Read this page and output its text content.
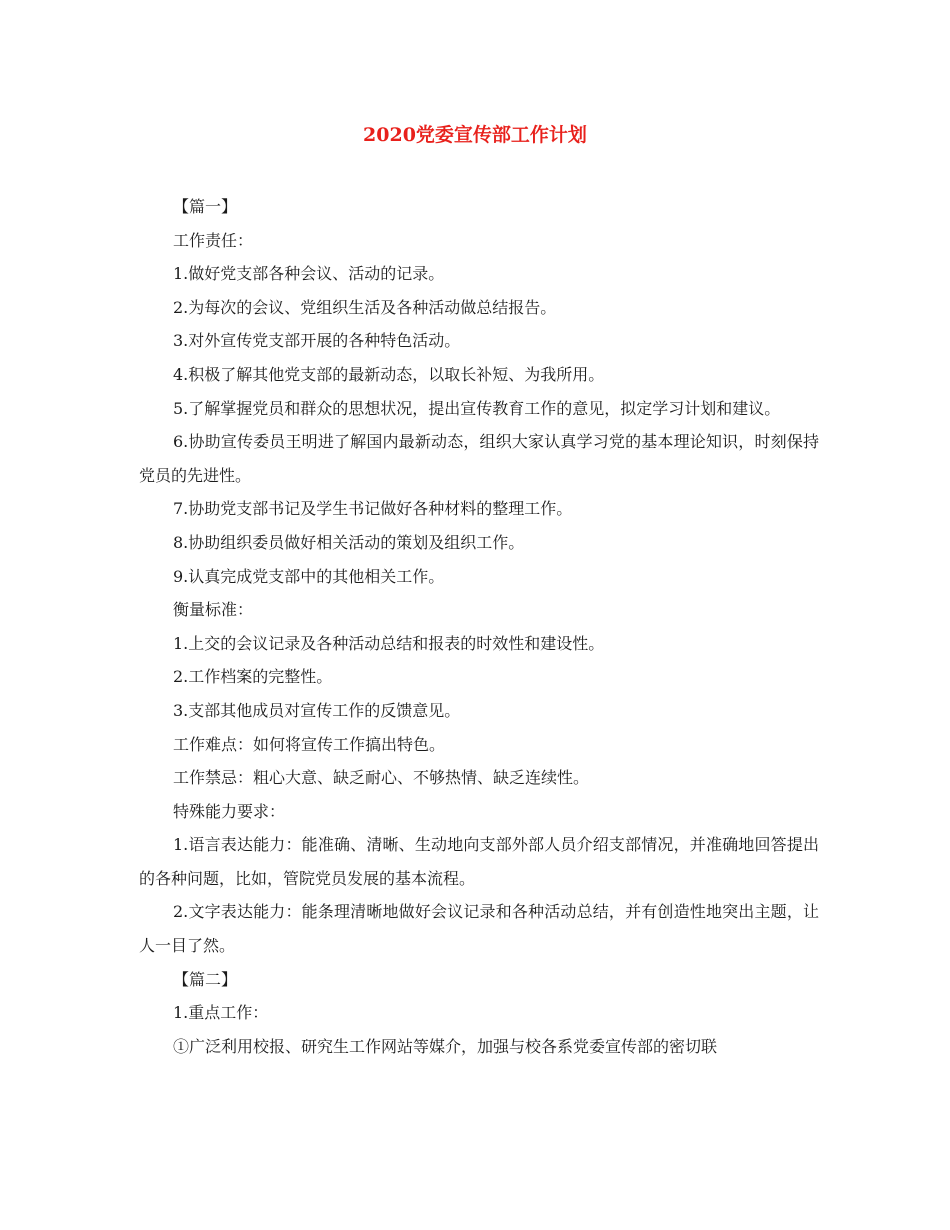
2020党委宣传部工作计划

【篇一】

工作责任：

1.做好党支部各种会议、活动的记录。

2.为每次的会议、党组织生活及各种活动做总结报告。

3.对外宣传党支部开展的各种特色活动。

4.积极了解其他党支部的最新动态，以取长补短、为我所用。

5.了解掌握党员和群众的思想状况，提出宣传教育工作的意见，拟定学习计划和建议。

6.协助宣传委员王明进了解国内最新动态，组织大家认真学习党的基本理论知识，时刻保持党员的先进性。

7.协助党支部书记及学生书记做好各种材料的整理工作。

8.协助组织委员做好相关活动的策划及组织工作。

9.认真完成党支部中的其他相关工作。

衡量标准：

1.上交的会议记录及各种活动总结和报表的时效性和建设性。

2.工作档案的完整性。

3.支部其他成员对宣传工作的反馈意见。

工作难点：如何将宣传工作搞出特色。

工作禁忌：粗心大意、缺乏耐心、不够热情、缺乏连续性。

特殊能力要求：

1.语言表达能力：能准确、清晰、生动地向支部外部人员介绍支部情况，并准确地回答提出的各种问题，比如，管院党员发展的基本流程。

2.文字表达能力：能条理清晰地做好会议记录和各种活动总结，并有创造性地突出主题，让人一目了然。

【篇二】

1.重点工作：

①广泛利用校报、研究生工作网站等媒介，加强与校各系党委宣传部的密切联
